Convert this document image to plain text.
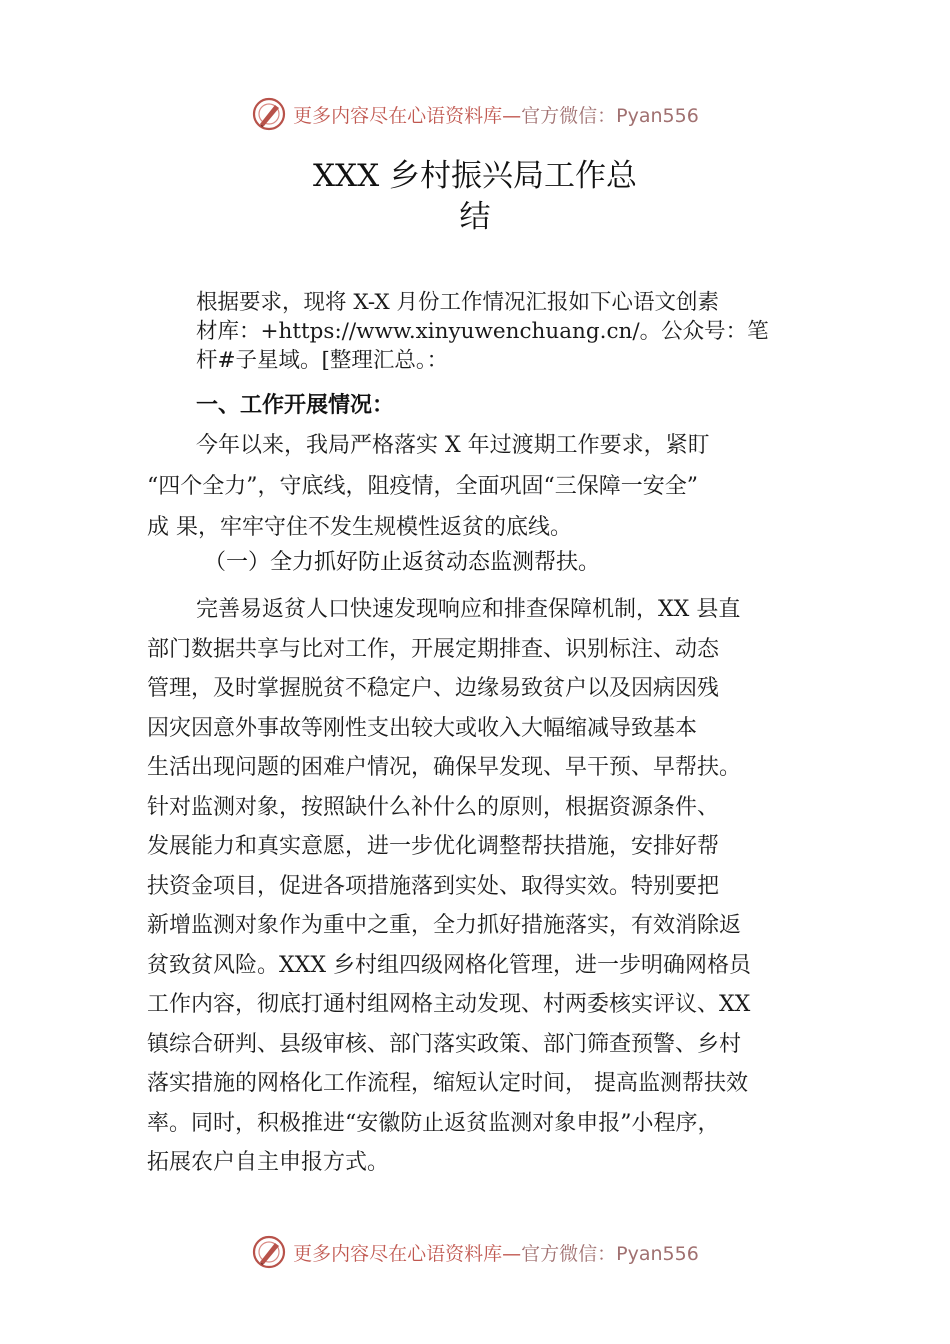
更多内容尽在心语资料库— 官方微信：Pyan556
XXX 乡村振兴局工作总
结
根据要求，现将 X-X 月份工作情况汇报如下心语文创素
材库：+https://www.xinyuwenchuang.cn/。公众号：笔
杆#子星域。[整理汇总。：
一、工作开展情况：
今年以来，我局严格落实 X 年过渡期工作要求，紧盯
“四个全力”，守底线，阻疫情，全面巩固“三保障一安全”
成 果，牢牢守住不发生规模性返贫的底线。
（一）全力抓好防止返贫动态监测帮扶。
完善易返贫人口快速发现响应和排查保障机制，XX 县直
部门数据共享与比对工作，开展定期排查、识别标注、动态
管理，及时掌握脱贫不稳定户、边缘易致贫户以及因病因残
因灾因意外事故等刚性支出较大或收入大幅缩减导致基本
生活出现问题的困难户情况，确保早发现、早干预、早帮扶。
针对监测对象，按照缺什么补什么的原则，根据资源条件、
发展能力和真实意愿，进一步优化调整帮扶措施，安排好帮
扶资金项目，促进各项措施落到实处、取得实效。特别要把
新增监测对象作为重中之重，全力抓好措施落实，有效消除返
贫致贫风险。XXX 乡村组四级网格化管理，进一步明确网格员
工作内容，彻底打通村组网格主动发现、村两委核实评议、XX
镇综合研判、县级审核、部门落实政策、部门筛查预警、乡村
落实措施的网格化工作流程，缩短认定时间， 提高监测帮扶效
率。同时，积极推进“安徽防止返贫监测对象申报”小程序，
拓展农户自主申报方式。
更多内容尽在心语资料库— 官方微信：Pyan556
